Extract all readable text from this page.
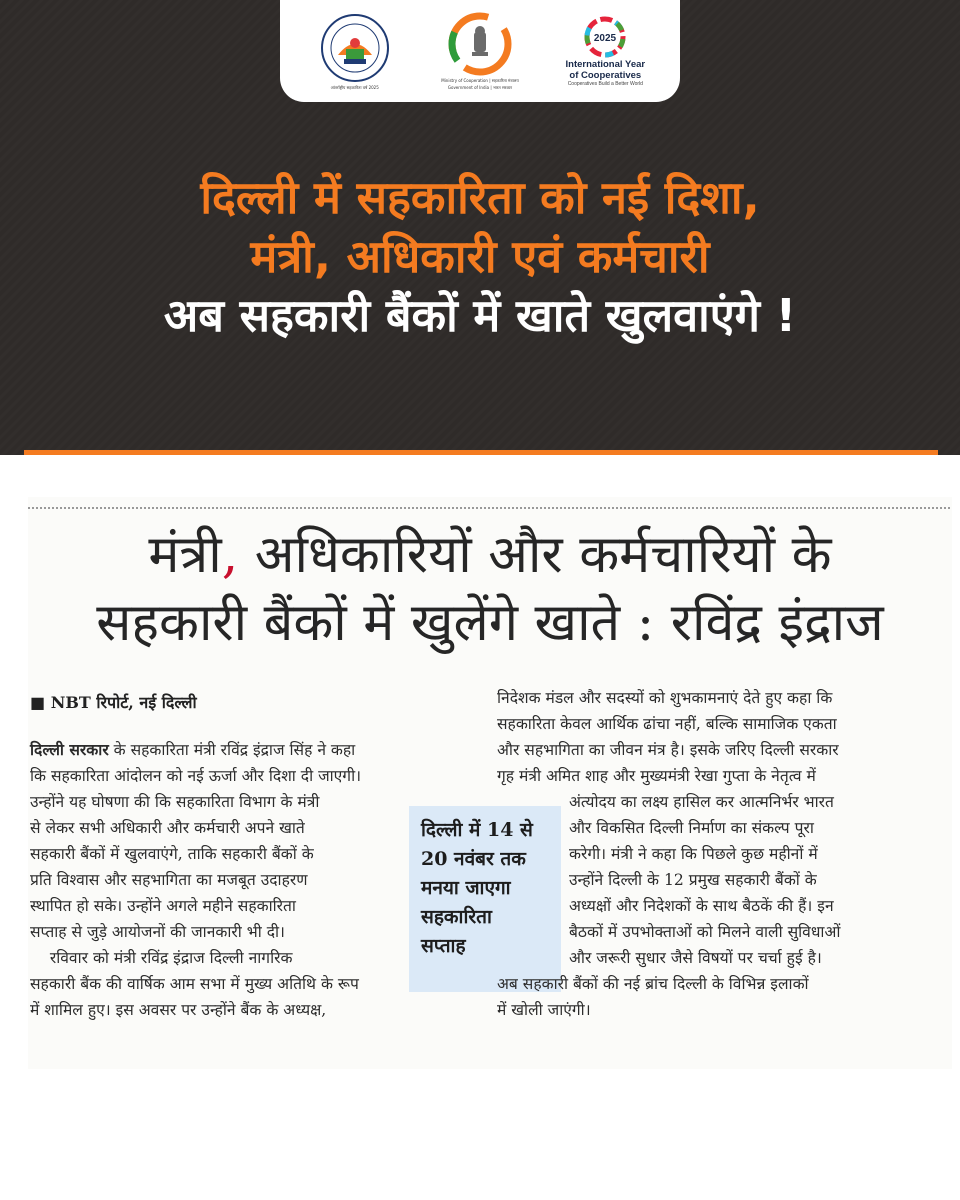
आंतर्राष्ट्रीय सहकारिता वर्ष 2025
Ministry of Cooperation | सहकारिता मंत्रालय
Government of India | भारत सरकार
2025
International Year
of Cooperatives
Cooperatives Build a Better World
दिल्ली में सहकारिता को नई दिशा,
मंत्री, अधिकारी एवं कर्मचारी
अब सहकारी बैंकों में खाते खुलवाएंगे !
मंत्री, अधिकारियों और कर्मचारियों के
सहकारी बैंकों में खुलेंगे खाते : रविंद्र इंद्राज
■ NBT रिपोर्ट, नई दिल्ली
दिल्ली सरकार के सहकारिता मंत्री रविंद्र इंद्राज सिंह ने कहा
कि सहकारिता आंदोलन को नई ऊर्जा और दिशा दी जाएगी।
उन्होंने यह घोषणा की कि सहकारिता विभाग के मंत्री
से लेकर सभी अधिकारी और कर्मचारी अपने खाते
सहकारी बैंकों में खुलवाएंगे, ताकि सहकारी बैंकों के
प्रति विश्वास और सहभागिता का मजबूत उदाहरण
स्थापित हो सके। उन्होंने अगले महीने सहकारिता
सप्ताह से जुड़े आयोजनों की जानकारी भी दी।
रविवार को मंत्री रविंद्र इंद्राज दिल्ली नागरिक
सहकारी बैंक की वार्षिक आम सभा में मुख्य अतिथि के रूप
में शामिल हुए। इस अवसर पर उन्होंने बैंक के अध्यक्ष,
दिल्ली में 14 से
20 नवंबर तक
मनया जाएगा
सहकारिता
सप्ताह
निदेशक मंडल और सदस्यों को शुभकामनाएं देते हुए कहा कि
सहकारिता केवल आर्थिक ढांचा नहीं, बल्कि सामाजिक एकता
और सहभागिता का जीवन मंत्र है। इसके जरिए दिल्ली सरकार
गृह मंत्री अमित शाह और मुख्यमंत्री रेखा गुप्ता के नेतृत्व में
अंत्योदय का लक्ष्य हासिल कर आत्मनिर्भर भारत
और विकसित दिल्ली निर्माण का संकल्प पूरा
करेगी। मंत्री ने कहा कि पिछले कुछ महीनों में
उन्होंने दिल्ली के 12 प्रमुख सहकारी बैंकों के
अध्यक्षों और निदेशकों के साथ बैठकें की हैं। इन
बैठकों में उपभोक्ताओं को मिलने वाली सुविधाओं
और जरूरी सुधार जैसे विषयों पर चर्चा हुई है।
अब सहकारी बैंकों की नई ब्रांच दिल्ली के विभिन्न इलाकों
में खोली जाएंगी।
